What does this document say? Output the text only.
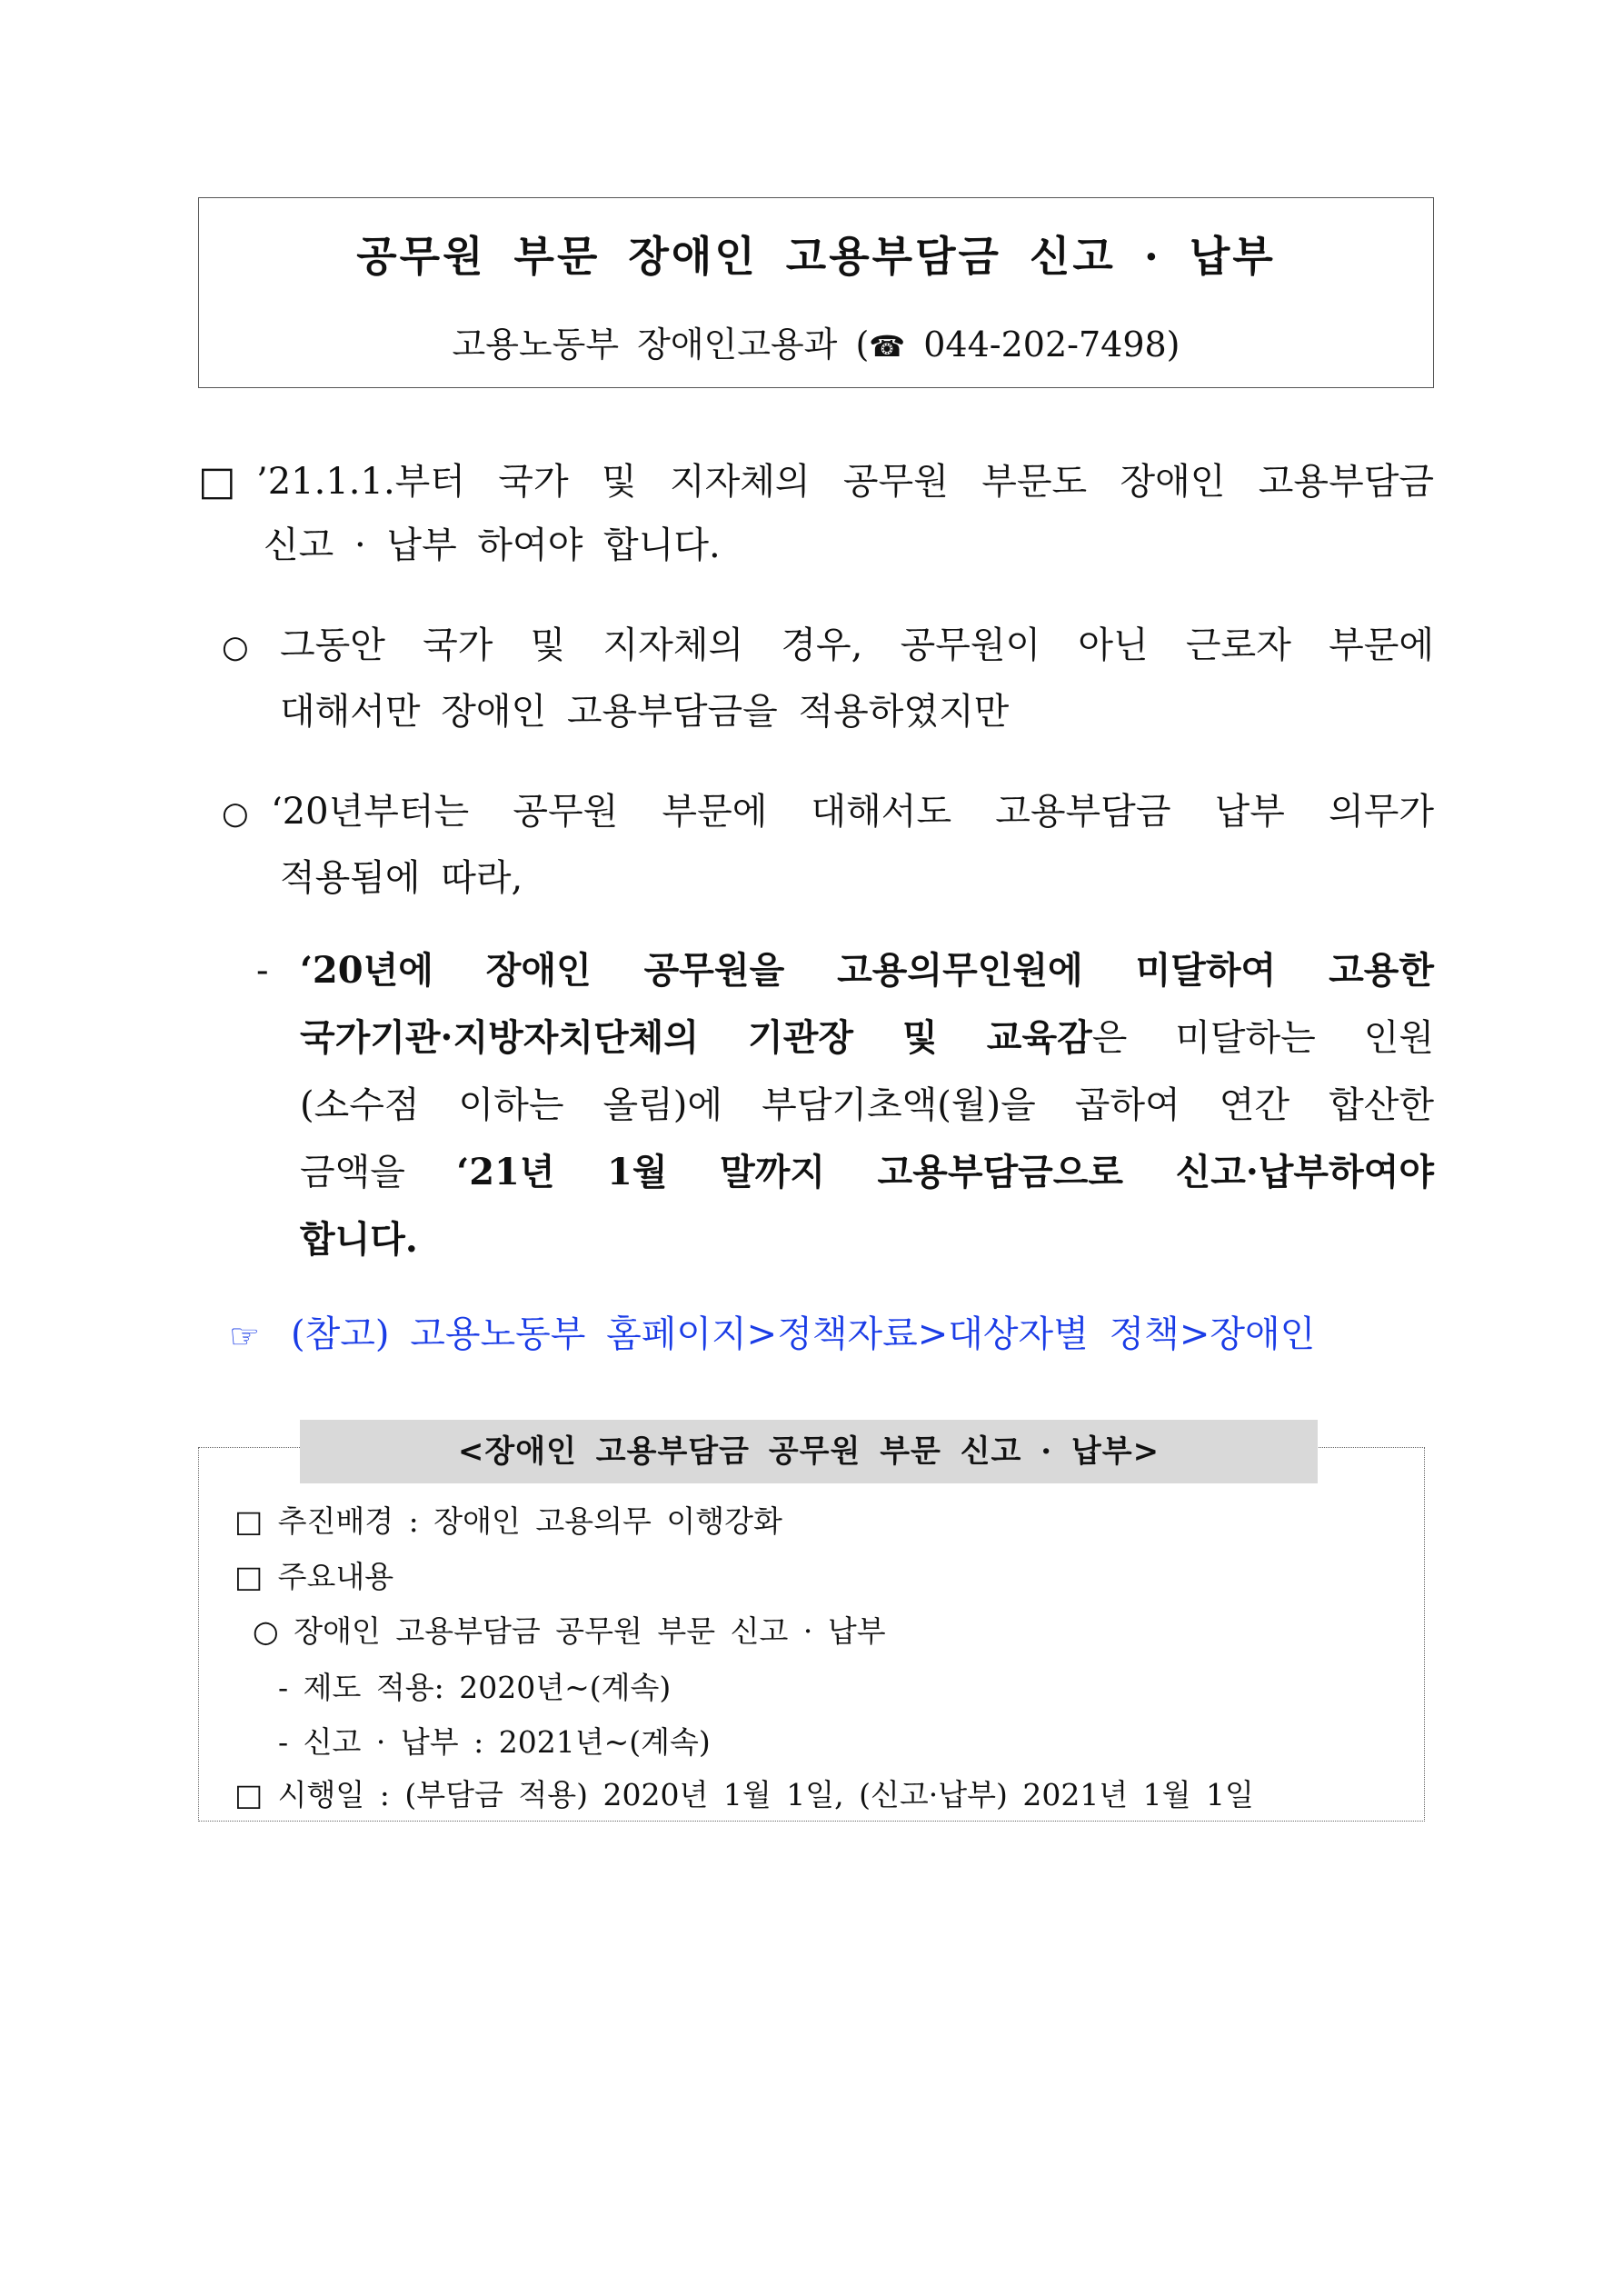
공무원 부문 장애인 고용부담금 신고 · 납부
고용노동부 장애인고용과 (☎ 044-202-7498)
□ ’21.1.1.부터 국가 및 지자체의 공무원 부문도 장애인 고용부담금
신고 · 납부 하여야 합니다.
○ 그동안 국가 및 지자체의 경우, 공무원이 아닌 근로자 부문에
대해서만 장애인 고용부담금을 적용하였지만
○ ‘20년부터는 공무원 부문에 대해서도 고용부담금 납부 의무가
적용됨에 따라,
- ‘20년에 장애인 공무원을 고용의무인원에 미달하여 고용한
국가기관·지방자치단체의 기관장 및 교육감은 미달하는 인원
(소수점 이하는 올림)에 부담기초액(월)을 곱하여 연간 합산한
금액을 ‘21년 1월 말까지 고용부담금으로 신고·납부하여야
합니다.
☞ (참고) 고용노동부 홈페이지>정책자료>대상자별 정책>장애인
<장애인 고용부담금 공무원 부문 신고 · 납부>
□ 추진배경 : 장애인 고용의무 이행강화
□ 주요내용
○ 장애인 고용부담금 공무원 부문 신고 · 납부
- 제도 적용: 2020년~(계속)
- 신고 · 납부 : 2021년~(계속)
□ 시행일 : (부담금 적용) 2020년 1월 1일, (신고·납부) 2021년 1월 1일
